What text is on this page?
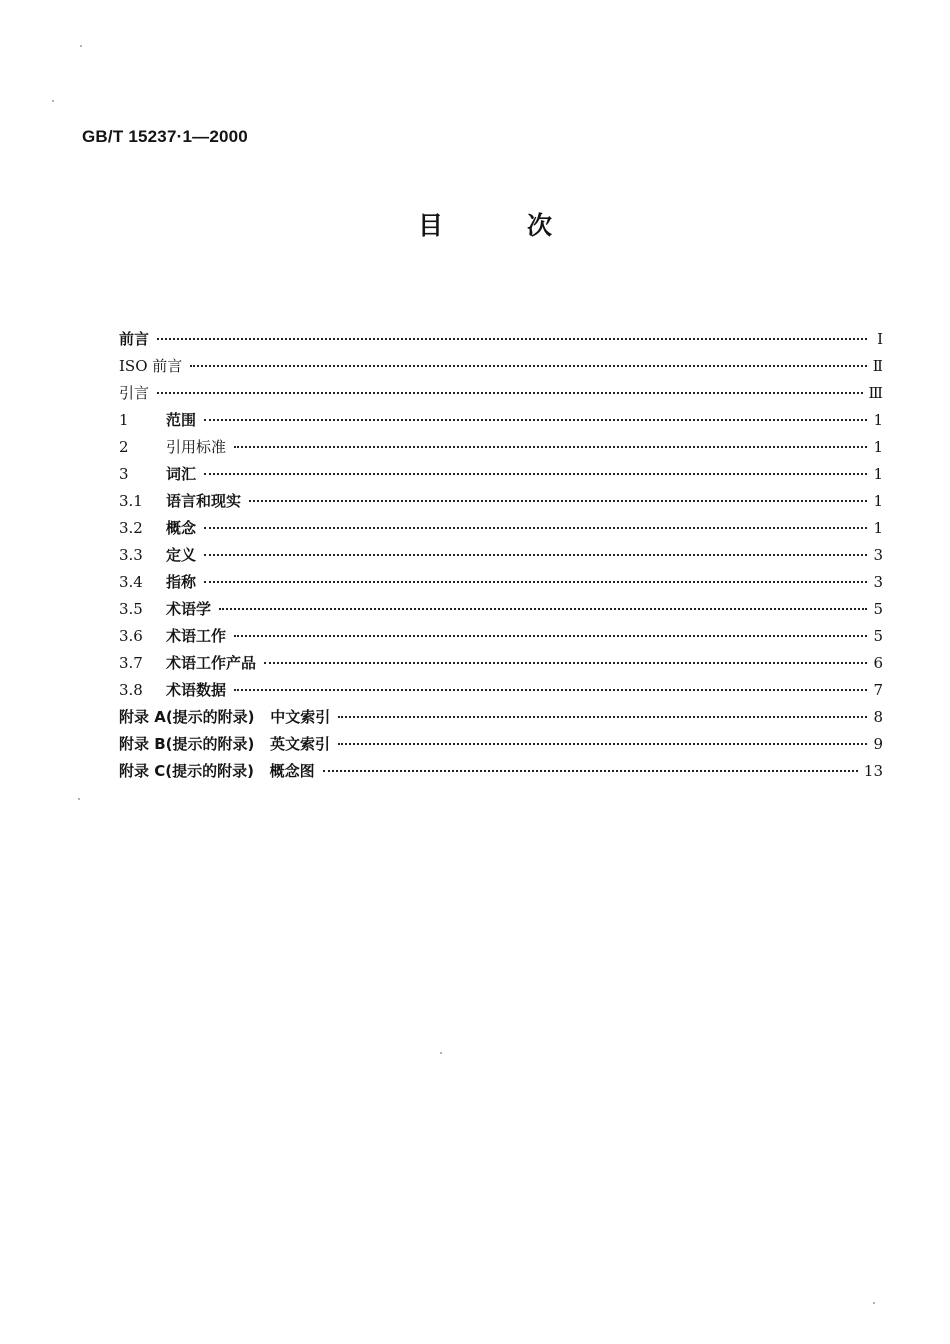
GB/T 15237·1—2000
目	次
前言	I
ISO 前言	Ⅱ
引言	Ⅲ
1	范围	1
2	引用标准	1
3	词汇	1
3.1	语言和现实	1
3.2	概念	1
3.3	定义	3
3.4	指称	3
3.5	术语学	5
3.6	术语工作	5
3.7	术语工作产品	6
3.8	术语数据	7
附录 A(提示的附录)   中文索引	8
附录 B(提示的附录)   英文索引	9
附录 C(提示的附录)   概念图	13
